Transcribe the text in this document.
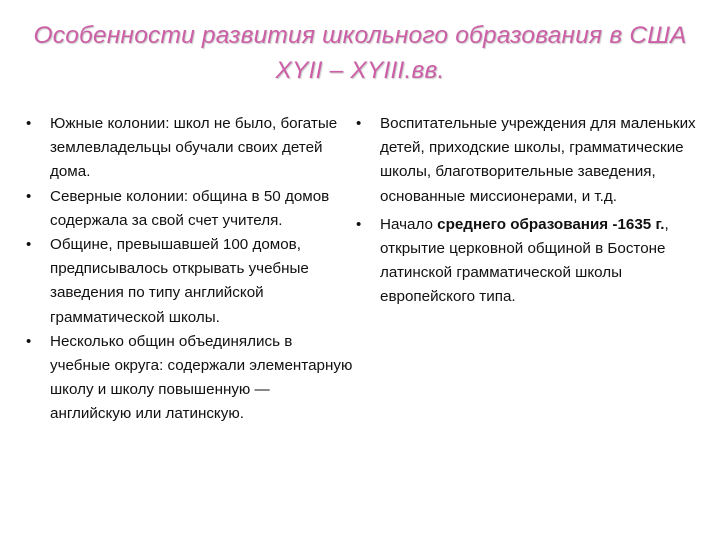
Особенности развития школьного образования в США
XYII – XYIII.вв.
•	Южные колонии: школ не было, богатые землевладельцы обучали своих детей дома.
•	Северные колонии: община в 50 домов содержала за свой счет учителя.
•	Общине, превышавшей 100 домов, предписывалось открывать учебные заведения по типу английской грамматической школы.
•	Несколько общин объединялись в учебные округа: содержали элементарную школу и школу повышенную — английскую или латинскую.
•	Воспитательные учреждения для маленьких детей, приходские школы, грамматические школы, благотворительные заведения, основанные миссионерами, и т.д.
•	Начало среднего образования -1635 г., открытие церковной общиной в Бостоне латинской грамматической школы европейского типа.
